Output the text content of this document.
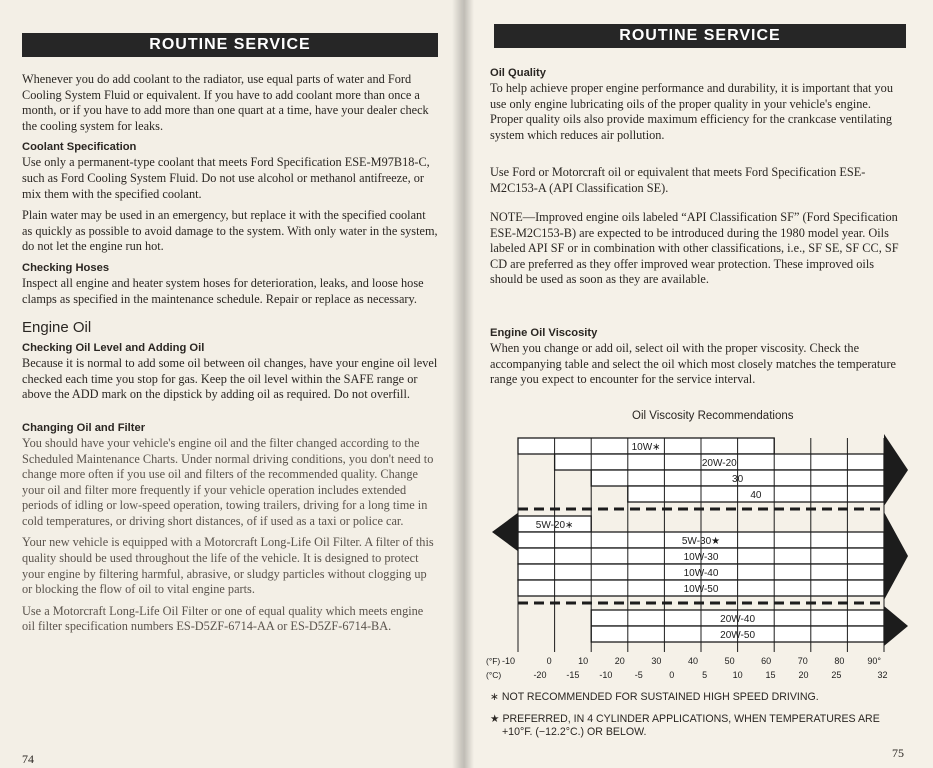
ROUTINE SERVICE

Whenever you do add coolant to the radiator, use equal parts of water and Ford Cooling System Fluid or equivalent. If you have to add coolant more than once a month, or if you have to add more than one quart at a time, have your dealer check the cooling system for leaks.

Coolant Specification

Use only a permanent-type coolant that meets Ford Specification ESE-M97B18-C, such as Ford Cooling System Fluid. Do not use alcohol or methanol antifreeze, or mix them with the specified coolant.

Plain water may be used in an emergency, but replace it with the specified coolant as quickly as possible to avoid damage to the system. With only water in the system, do not let the engine run hot.

Checking Hoses

Inspect all engine and heater system hoses for deterioration, leaks, and loose hose clamps as specified in the maintenance schedule. Repair or replace as necessary.

Engine Oil

Checking Oil Level and Adding Oil

Because it is normal to add some oil between oil changes, have your engine oil level checked each time you stop for gas. Keep the oil level within the SAFE range or above the ADD mark on the dipstick by adding oil as required. Do not overfill.

Changing Oil and Filter

You should have your vehicle's engine oil and the filter changed according to the Scheduled Maintenance Charts. Under normal driving conditions, you don't need to change more often if you use oil and filters of the recommended quality. Change your oil and filter more frequently if your vehicle operation includes extended periods of idling or low-speed operation, towing trailers, driving for a long time in cold temperatures, or driving short distances, of if used as a taxi or police car.

Your new vehicle is equipped with a Motorcraft Long-Life Oil Filter. A filter of this quality should be used throughout the life of the vehicle. It is designed to protect your engine by filtering harmful, abrasive, or sludgy particles without clogging up or blocking the flow of oil to vital engine parts.

Use a Motorcraft Long-Life Oil Filter or one of equal quality which meets engine oil filter specification numbers ES-D5ZF-6714-AA or ES-D5ZF-6714-BA.

74
ROUTINE SERVICE

Oil Quality

To help achieve proper engine performance and durability, it is important that you use only engine lubricating oils of the proper quality in your vehicle's engine. Proper quality oils also provide maximum efficiency for the crankcase ventilating system which reduces air pollution.

Use Ford or Motorcraft oil or equivalent that meets Ford Specification ESE-M2C153-A (API Classification SE).

NOTE—Improved engine oils labeled “API Classification SF” (Ford Specification ESE-M2C153-B) are expected to be introduced during the 1980 model year. Oils labeled API SF or in combination with other classifications, i.e., SF SE, SF CC, SF CD are preferred as they offer improved wear protection. These improved oils should be used as soon as they are available.

Engine Oil Viscosity

When you change or add oil, select oil with the proper viscosity. Check the accompanying table and select the oil which most closely matches the temperature range you expect to encounter for the service interval.

Oil Viscosity Recommendations
∗ NOT RECOMMENDED FOR SUSTAINED HIGH SPEED DRIVING.
★ PREFERRED, IN 4 CYLINDER APPLICATIONS, WHEN TEMPERATURES ARE
+10°F. (−12.2°C.) OR BELOW.
75
10W∗
20W-20
30
40
5W-20∗
5W-30★
10W-30
10W-40
10W-50
20W-40
20W-50
(°F)
(°C)
-10	0	10	20	30	40	50	60	70	80	90°
-20 -15 -10 -5	0	5	10	15	20	25	32
